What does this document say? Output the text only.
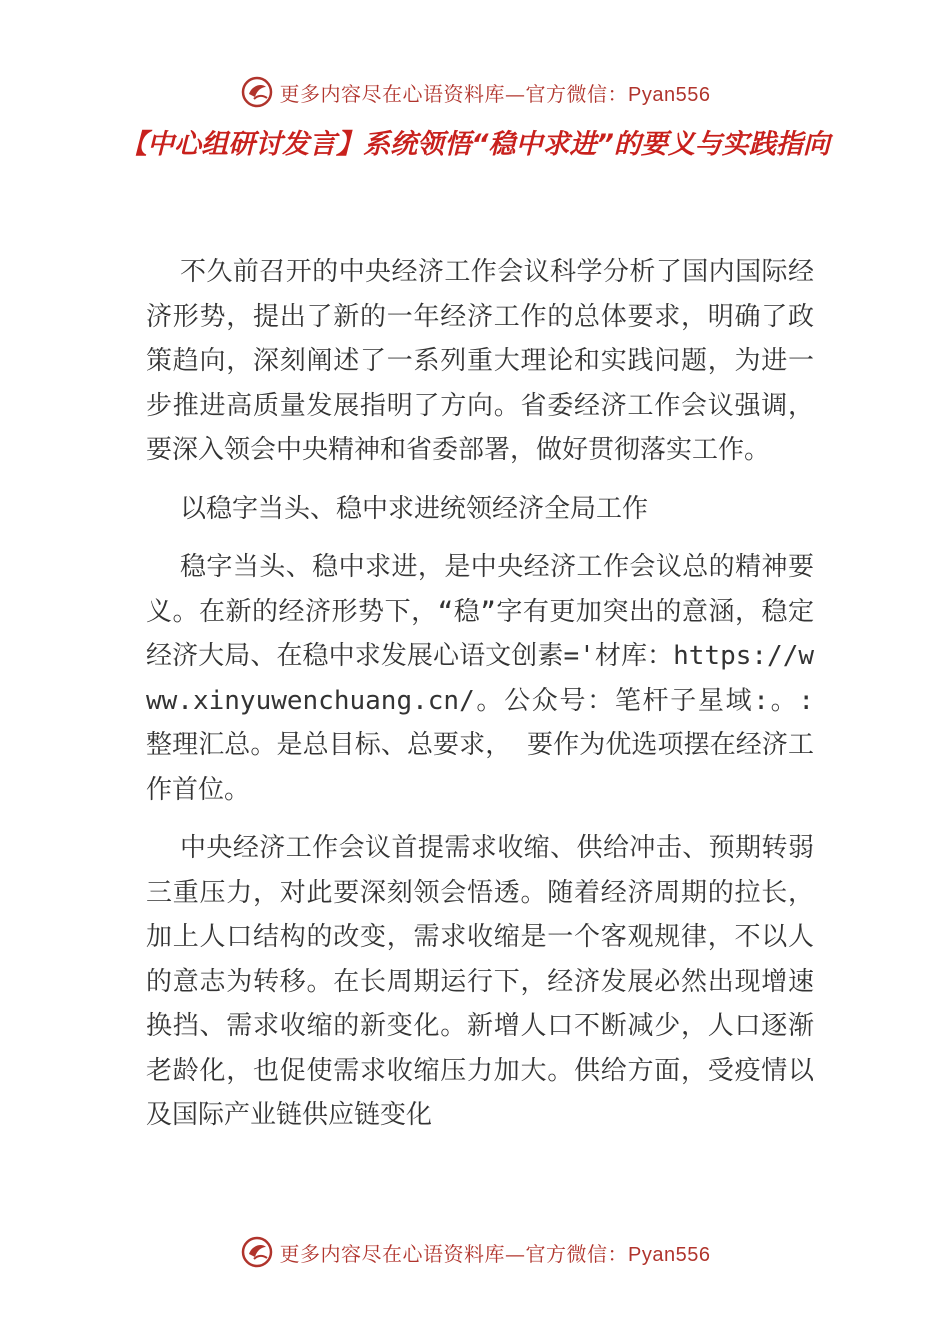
更多内容尽在心语资料库—官方微信：Pyan556
【中心组研讨发言】系统领悟“稳中求进”的要义与实践指向

不久前召开的中央经济工作会议科学分析了国内国际经济形势，提出了新的一年经济工作的总体要求，明确了政策趋向，深刻阐述了一系列重大理论和实践问题，为进一步推进高质量发展指明了方向。省委经济工作会议强调，要深入领会中央精神和省委部署，做好贯彻落实工作。

以稳字当头、稳中求进统领经济全局工作

稳字当头、稳中求进，是中央经济工作会议总的精神要义。在新的经济形势下，“稳”字有更加突出的意涵，稳定经济大局、在稳中求发展心语文创素='材库：https://www.xinyuwenchuang.cn/。公众号：笔杆子星域:。:整理汇总。是总目标、总要求， 要作为优选项摆在经济工作首位。

中央经济工作会议首提需求收缩、供给冲击、预期转弱三重压力，对此要深刻领会悟透。随着经济周期的拉长，加上人口结构的改变，需求收缩是一个客观规律，不以人的意志为转移。在长周期运行下，经济发展必然出现增速换挡、需求收缩的新变化。新增人口不断减少，人口逐渐老龄化，也促使需求收缩压力加大。供给方面，受疫情以及国际产业链供应链变化

更多内容尽在心语资料库—官方微信：Pyan556
